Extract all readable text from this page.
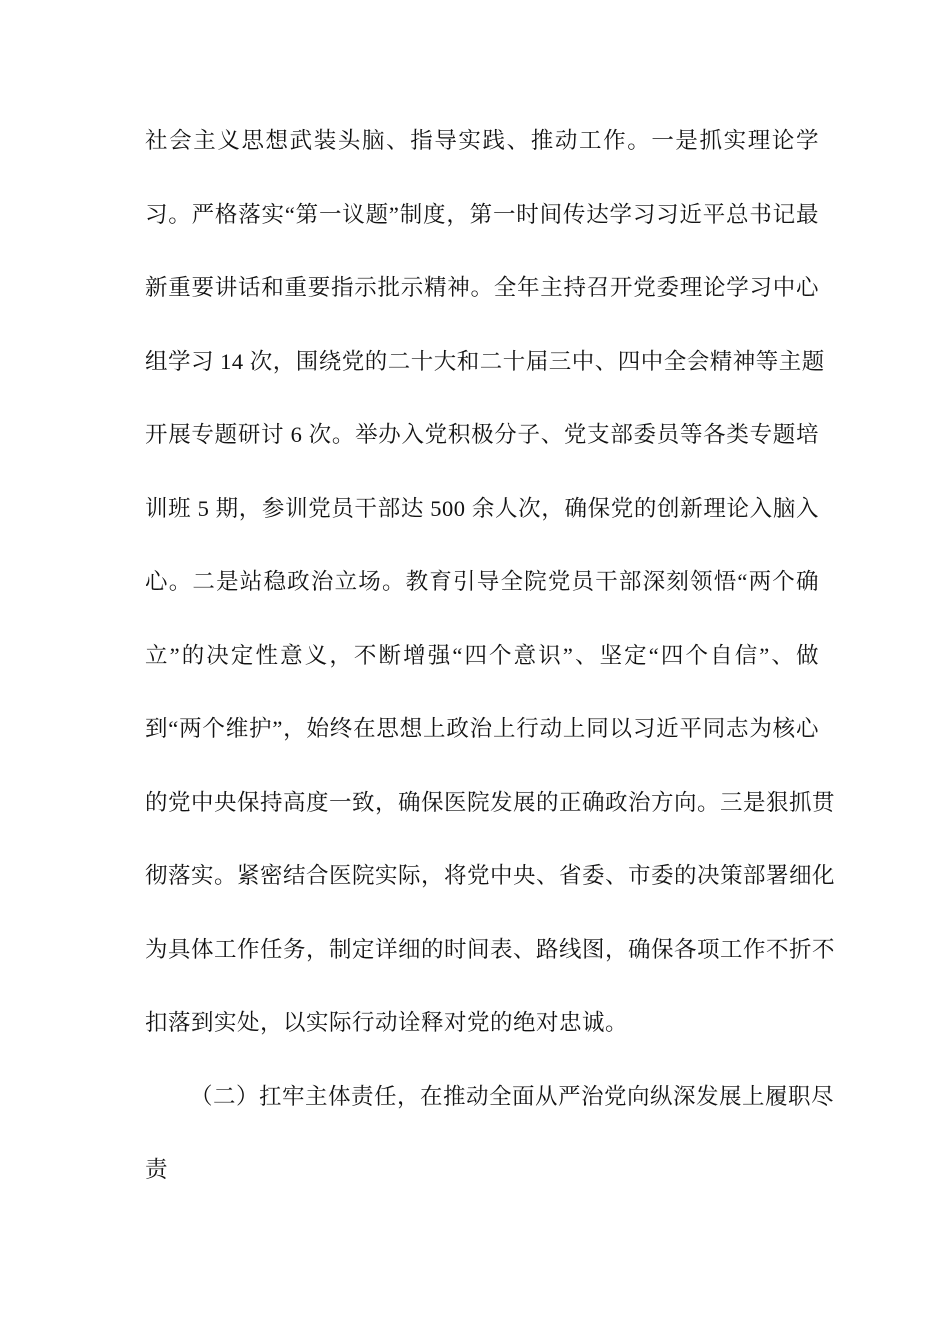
社会主义思想武装头脑、指导实践、推动工作。一是抓实理论学
习。严格落实“第一议题”制度，第一时间传达学习习近平总书记最
新重要讲话和重要指示批示精神。全年主持召开党委理论学习中心
组学习 14 次，围绕党的二十大和二十届三中、四中全会精神等主题
开展专题研讨 6 次。举办入党积极分子、党支部委员等各类专题培
训班 5 期，参训党员干部达 500 余人次，确保党的创新理论入脑入
心。二是站稳政治立场。教育引导全院党员干部深刻领悟“两个确
立”的决定性意义，不断增强“四个意识”、坚定“四个自信”、做
到“两个维护”，始终在思想上政治上行动上同以习近平同志为核心
的党中央保持高度一致，确保医院发展的正确政治方向。三是狠抓贯
彻落实。紧密结合医院实际，将党中央、省委、市委的决策部署细化
为具体工作任务，制定详细的时间表、路线图，确保各项工作不折不
扣落到实处，以实际行动诠释对党的绝对忠诚。
（二）扛牢主体责任，在推动全面从严治党向纵深发展上履职尽
责
